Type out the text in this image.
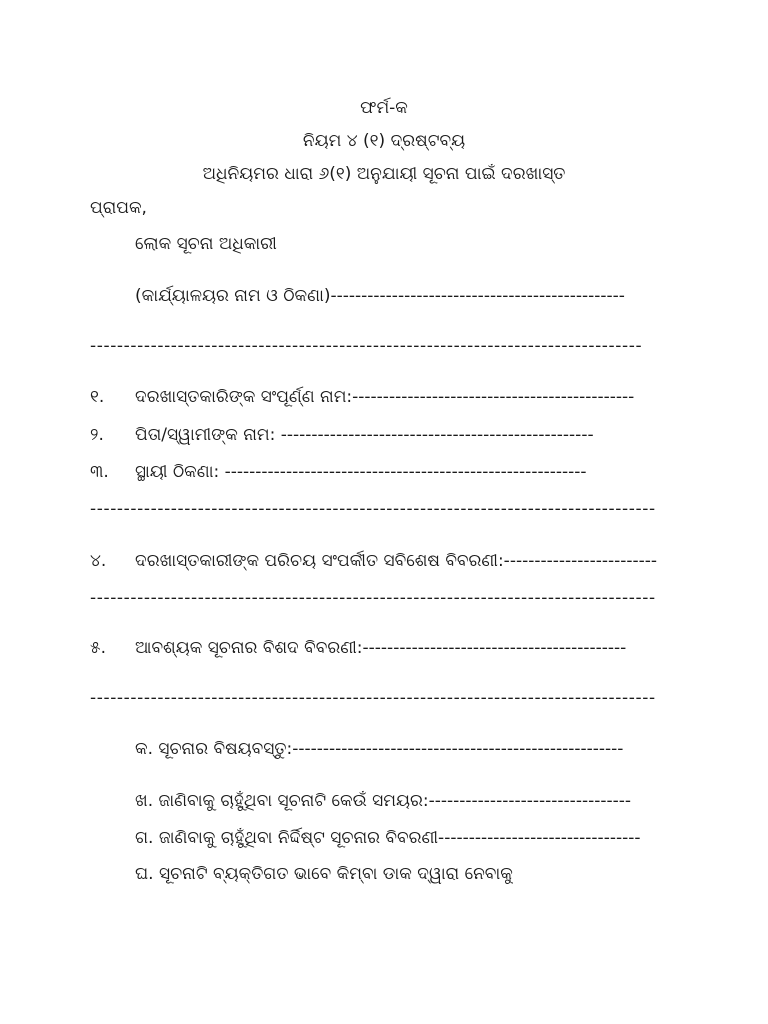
ଫର୍ମ-କ
ନିୟମ ୪ (୧) ଦ୍ରଷ୍ଟବ୍ୟ
ଅଧିନିୟମର ଧାରା ୬(୧) ଅନୁଯାୟୀ ସୂଚନା ପାଇଁ ଦରଖାସ୍ତ
ପ୍ରାପକ,
ଲୋକ ସୂଚନା ଅଧିକାରୀ
(କାର୍ଯ୍ୟାଳୟର ନାମ ଓ ଠିକଣା)------------------------------------------------
----------------------------------------------------------------------------------
୧. ଦରଖାସ୍ତକାରିଙ୍କ ସଂପୂର୍ଣ୍ଣ ନାମ:----------------------------------------------
୨. ପିତା/ସ୍ୱାମୀଙ୍କ ନାମ: ---------------------------------------------------
୩. ସ୍ଥାୟୀ ଠିକଣା: -----------------------------------------------------------
------------------------------------------------------------------------------------
୪. ଦରଖାସ୍ତକାରୀଙ୍କ ପରିଚୟ ସଂପର୍କୀତ ସବିଶେଷ ବିବରଣୀ:-------------------------
------------------------------------------------------------------------------------
୫. ଆବଶ୍ୟକ ସୂଚନାର ବିଶଦ ବିବରଣୀ:-------------------------------------------
------------------------------------------------------------------------------------
କ. ସୂଚନାର ବିଷୟବସ୍ତୁ:------------------------------------------------------
ଖ. ଜାଣିବାକୁ ଚାହୁଁଥିବା ସୂଚନାଟି କେଉଁ ସମୟର:---------------------------------
ଗ. ଜାଣିବାକୁ ଚାହୁଁଥିବା ନିର୍ଦ୍ଦିଷ୍ଟ ସୂଚନାର ବିବରଣୀ---------------------------------
ଘ. ସୂଚନାଟି ବ୍ୟକ୍ତିଗତ ଭାବେ କିମ୍ବା ଡାକ ଦ୍ୱାରା ନେବାକୁ
